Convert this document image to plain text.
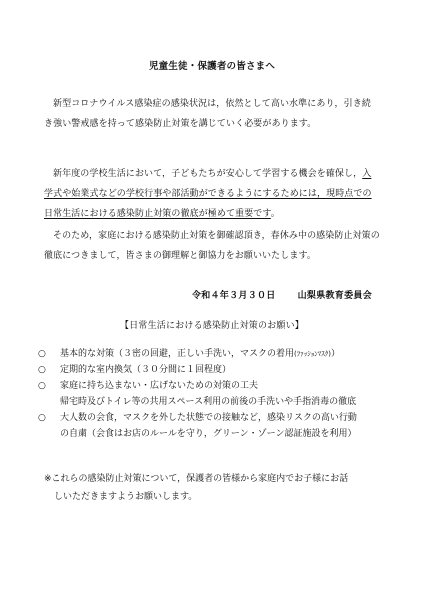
児童生徒・保護者の皆さまへ
新型コロナウイルス感染症の感染状況は，依然として高い水準にあり，引き続き強い警戒感を持って感染防止対策を講じていく必要があります。
新年度の学校生活において，子どもたちが安心して学習する機会を確保し，入学式や始業式などの学校行事や部活動ができるようにするためには，現時点での日常生活における感染防止対策の徹底が極めて重要です。
そのため，家庭における感染防止対策を御確認頂き，春休み中の感染防止対策の徹底につきまして，皆さまの御理解と御協力をお願いいたします。
令和４年３月３０日 山梨県教育委員会
【日常生活における感染防止対策のお願い】
○	基本的な対策（３密の回避，正しい手洗い，マスクの着用(ﾌｧｯｼｮﾝﾏｽｸ)）
○	定期的な室内換気（３０分間に１回程度）
○	家庭に持ち込まない・広げないための対策の工夫
帰宅時及びトイレ等の共用スペース利用の前後の手洗いや手指消毒の徹底
○	大人数の会食，マスクを外した状態での接触など，感染リスクの高い行動
の自粛（会食はお店のルールを守り，グリーン・ゾーン認証施設を利用）
※これらの感染防止対策について，保護者の皆様から家庭内でお子様にお話
しいただきますようお願いします。
